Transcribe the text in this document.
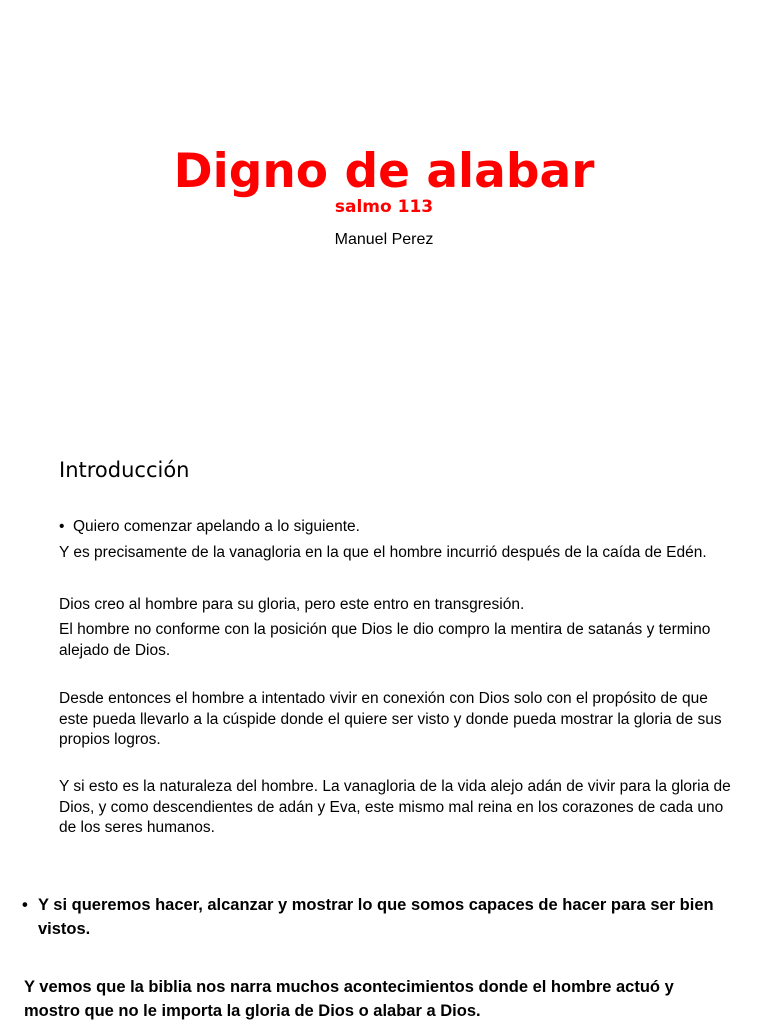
Digno de alabar

salmo 113

Manuel Perez

Introducción

• Quiero comenzar apelando a lo siguiente.

Y es precisamente de la vanagloria en la que el hombre incurrió después de la caída de Edén.

Dios creo al hombre para su gloria, pero este entro en transgresión.

El hombre no conforme con la posición que Dios le dio compro la mentira de satanás y termino alejado de Dios.

Desde entonces el hombre a intentado vivir en conexión con Dios solo con el propósito de que este pueda llevarlo a la cúspide donde el quiere ser visto y donde pueda mostrar la gloria de sus propios logros.

Y si esto es la naturaleza del hombre. La vanagloria de la vida alejo adán de vivir para la gloria de Dios, y como descendientes de adán y Eva, este mismo mal reina en los corazones de cada uno de los seres humanos.

• Y si queremos hacer, alcanzar y mostrar lo que somos capaces de hacer para ser bien vistos.

Y vemos que la biblia nos narra muchos acontecimientos donde el hombre actuó y mostro que no le importa la gloria de Dios o alabar a Dios.
